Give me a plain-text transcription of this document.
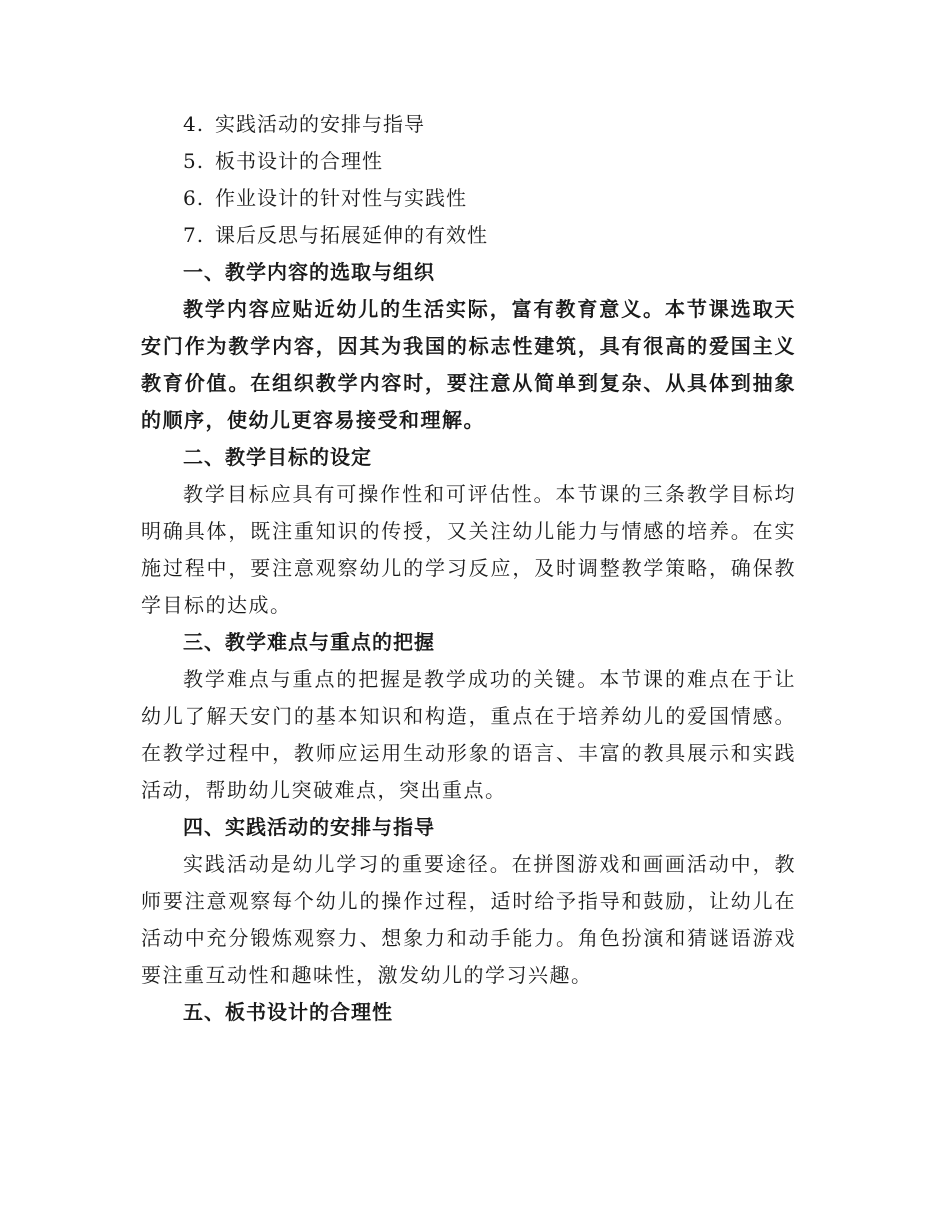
4. 实践活动的安排与指导

5. 板书设计的合理性

6. 作业设计的针对性与实践性

7. 课后反思与拓展延伸的有效性

一、教学内容的选取与组织

教学内容应贴近幼儿的生活实际，富有教育意义。本节课选取天安门作为教学内容，因其为我国的标志性建筑，具有很高的爱国主义教育价值。在组织教学内容时，要注意从简单到复杂、从具体到抽象的顺序，使幼儿更容易接受和理解。

二、教学目标的设定

教学目标应具有可操作性和可评估性。本节课的三条教学目标均明确具体，既注重知识的传授，又关注幼儿能力与情感的培养。在实施过程中，要注意观察幼儿的学习反应，及时调整教学策略，确保教学目标的达成。

三、教学难点与重点的把握

教学难点与重点的把握是教学成功的关键。本节课的难点在于让幼儿了解天安门的基本知识和构造，重点在于培养幼儿的爱国情感。在教学过程中，教师应运用生动形象的语言、丰富的教具展示和实践活动，帮助幼儿突破难点，突出重点。

四、实践活动的安排与指导

实践活动是幼儿学习的重要途径。在拼图游戏和画画活动中，教师要注意观察每个幼儿的操作过程，适时给予指导和鼓励，让幼儿在活动中充分锻炼观察力、想象力和动手能力。角色扮演和猜谜语游戏要注重互动性和趣味性，激发幼儿的学习兴趣。

五、板书设计的合理性
